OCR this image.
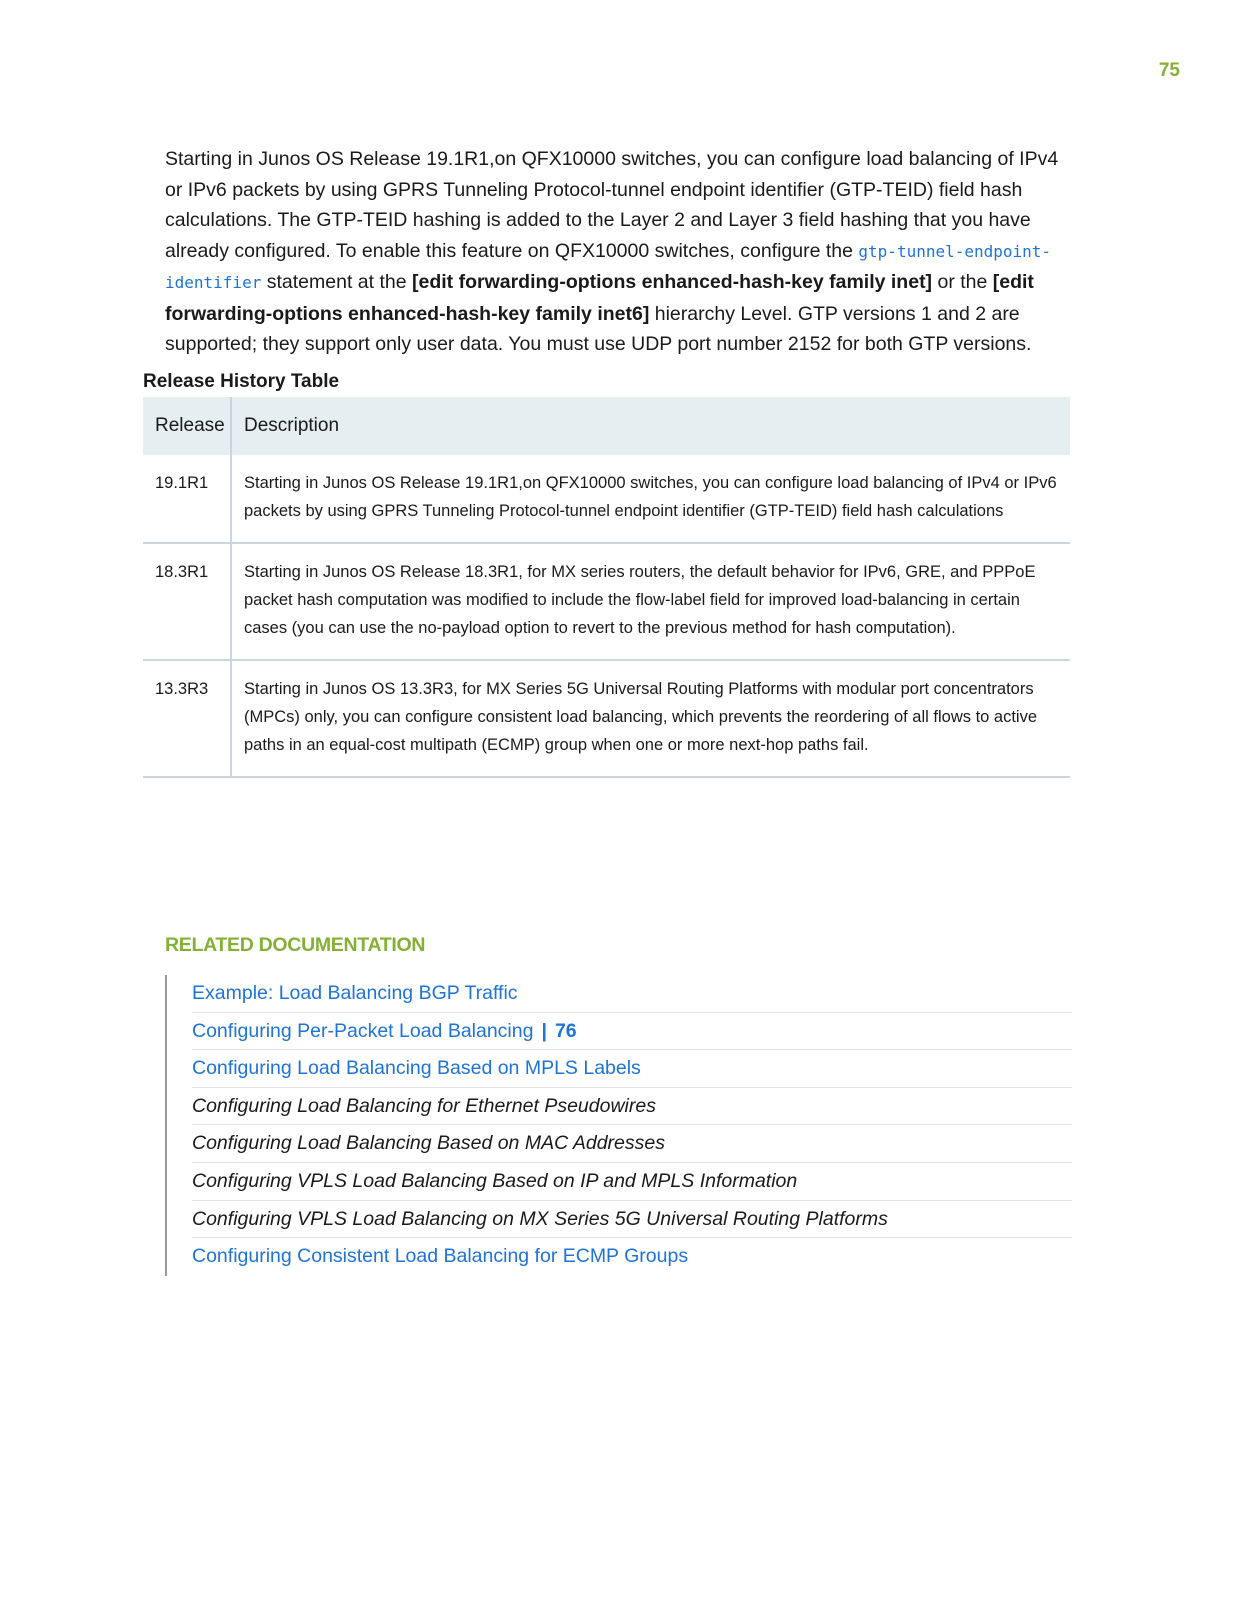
75

Starting in Junos OS Release 19.1R1,on QFX10000 switches, you can configure load balancing of IPv4 or IPv6 packets by using GPRS Tunneling Protocol-tunnel endpoint identifier (GTP-TEID) field hash calculations. The GTP-TEID hashing is added to the Layer 2 and Layer 3 field hashing that you have already configured. To enable this feature on QFX10000 switches, configure the gtp-tunnel-endpoint-identifier statement at the [edit forwarding-options enhanced-hash-key family inet] or the [edit forwarding-options enhanced-hash-key family inet6] hierarchy Level. GTP versions 1 and 2 are supported; they support only user data. You must use UDP port number 2152 for both GTP versions.

Release History Table
Release	Description
19.1R1	Starting in Junos OS Release 19.1R1,on QFX10000 switches, you can configure load balancing of IPv4 or IPv6 packets by using GPRS Tunneling Protocol-tunnel endpoint identifier (GTP-TEID) field hash calculations
18.3R1	Starting in Junos OS Release 18.3R1, for MX series routers, the default behavior for IPv6, GRE, and PPPoE packet hash computation was modified to include the flow-label field for improved load-balancing in certain cases (you can use the no-payload option to revert to the previous method for hash computation).
13.3R3	Starting in Junos OS 13.3R3, for MX Series 5G Universal Routing Platforms with modular port concentrators (MPCs) only, you can configure consistent load balancing, which prevents the reordering of all flows to active paths in an equal-cost multipath (ECMP) group when one or more next-hop paths fail.
RELATED DOCUMENTATION
Example: Load Balancing BGP Traffic
Configuring Per-Packet Load Balancing | 76
Configuring Load Balancing Based on MPLS Labels
Configuring Load Balancing for Ethernet Pseudowires
Configuring Load Balancing Based on MAC Addresses
Configuring VPLS Load Balancing Based on IP and MPLS Information
Configuring VPLS Load Balancing on MX Series 5G Universal Routing Platforms
Configuring Consistent Load Balancing for ECMP Groups
